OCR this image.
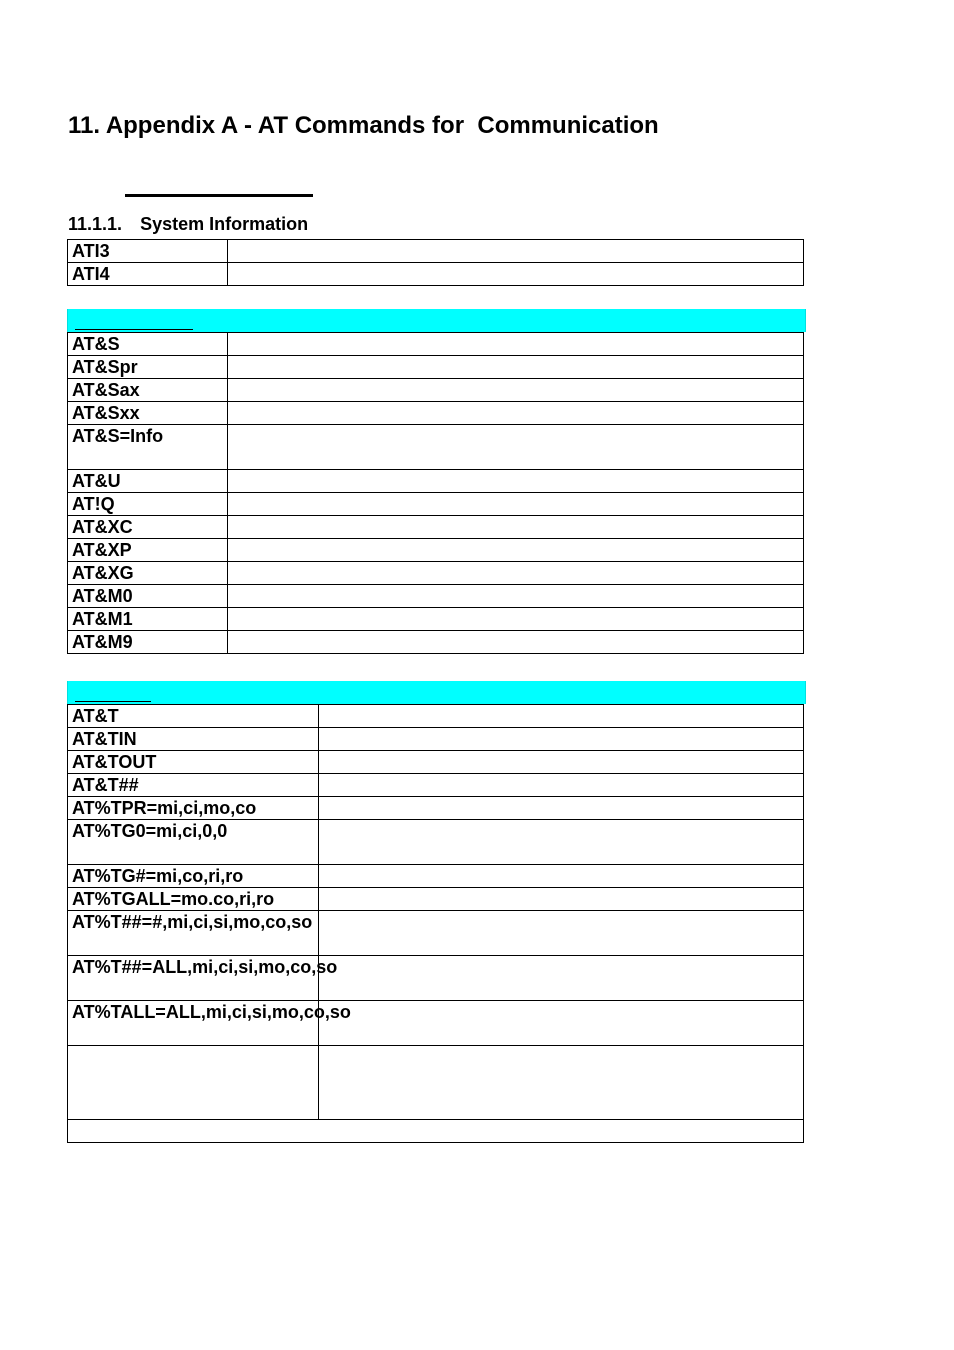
11. Appendix A - AT Commands for  Communication
11.1.1. System Information
ATI3	
ATI4	
AT&S	
AT&Spr	
AT&Sax	
AT&Sxx	
AT&S=Info	
AT&U	
AT!Q	
AT&XC	
AT&XP	
AT&XG	
AT&M0	
AT&M1	
AT&M9	
AT&T	
AT&TIN	
AT&TOUT	
AT&T##	
AT%TPR=mi,ci,mo,co	
AT%TG0=mi,ci,0,0	
AT%TG#=mi,co,ri,ro	
AT%TGALL=mo.co,ri,ro	
AT%T##=#,mi,ci,si,mo,co,so	
AT%T##=ALL,mi,ci,si,mo,co,so	
AT%TALL=ALL,mi,ci,si,mo,co,so	
